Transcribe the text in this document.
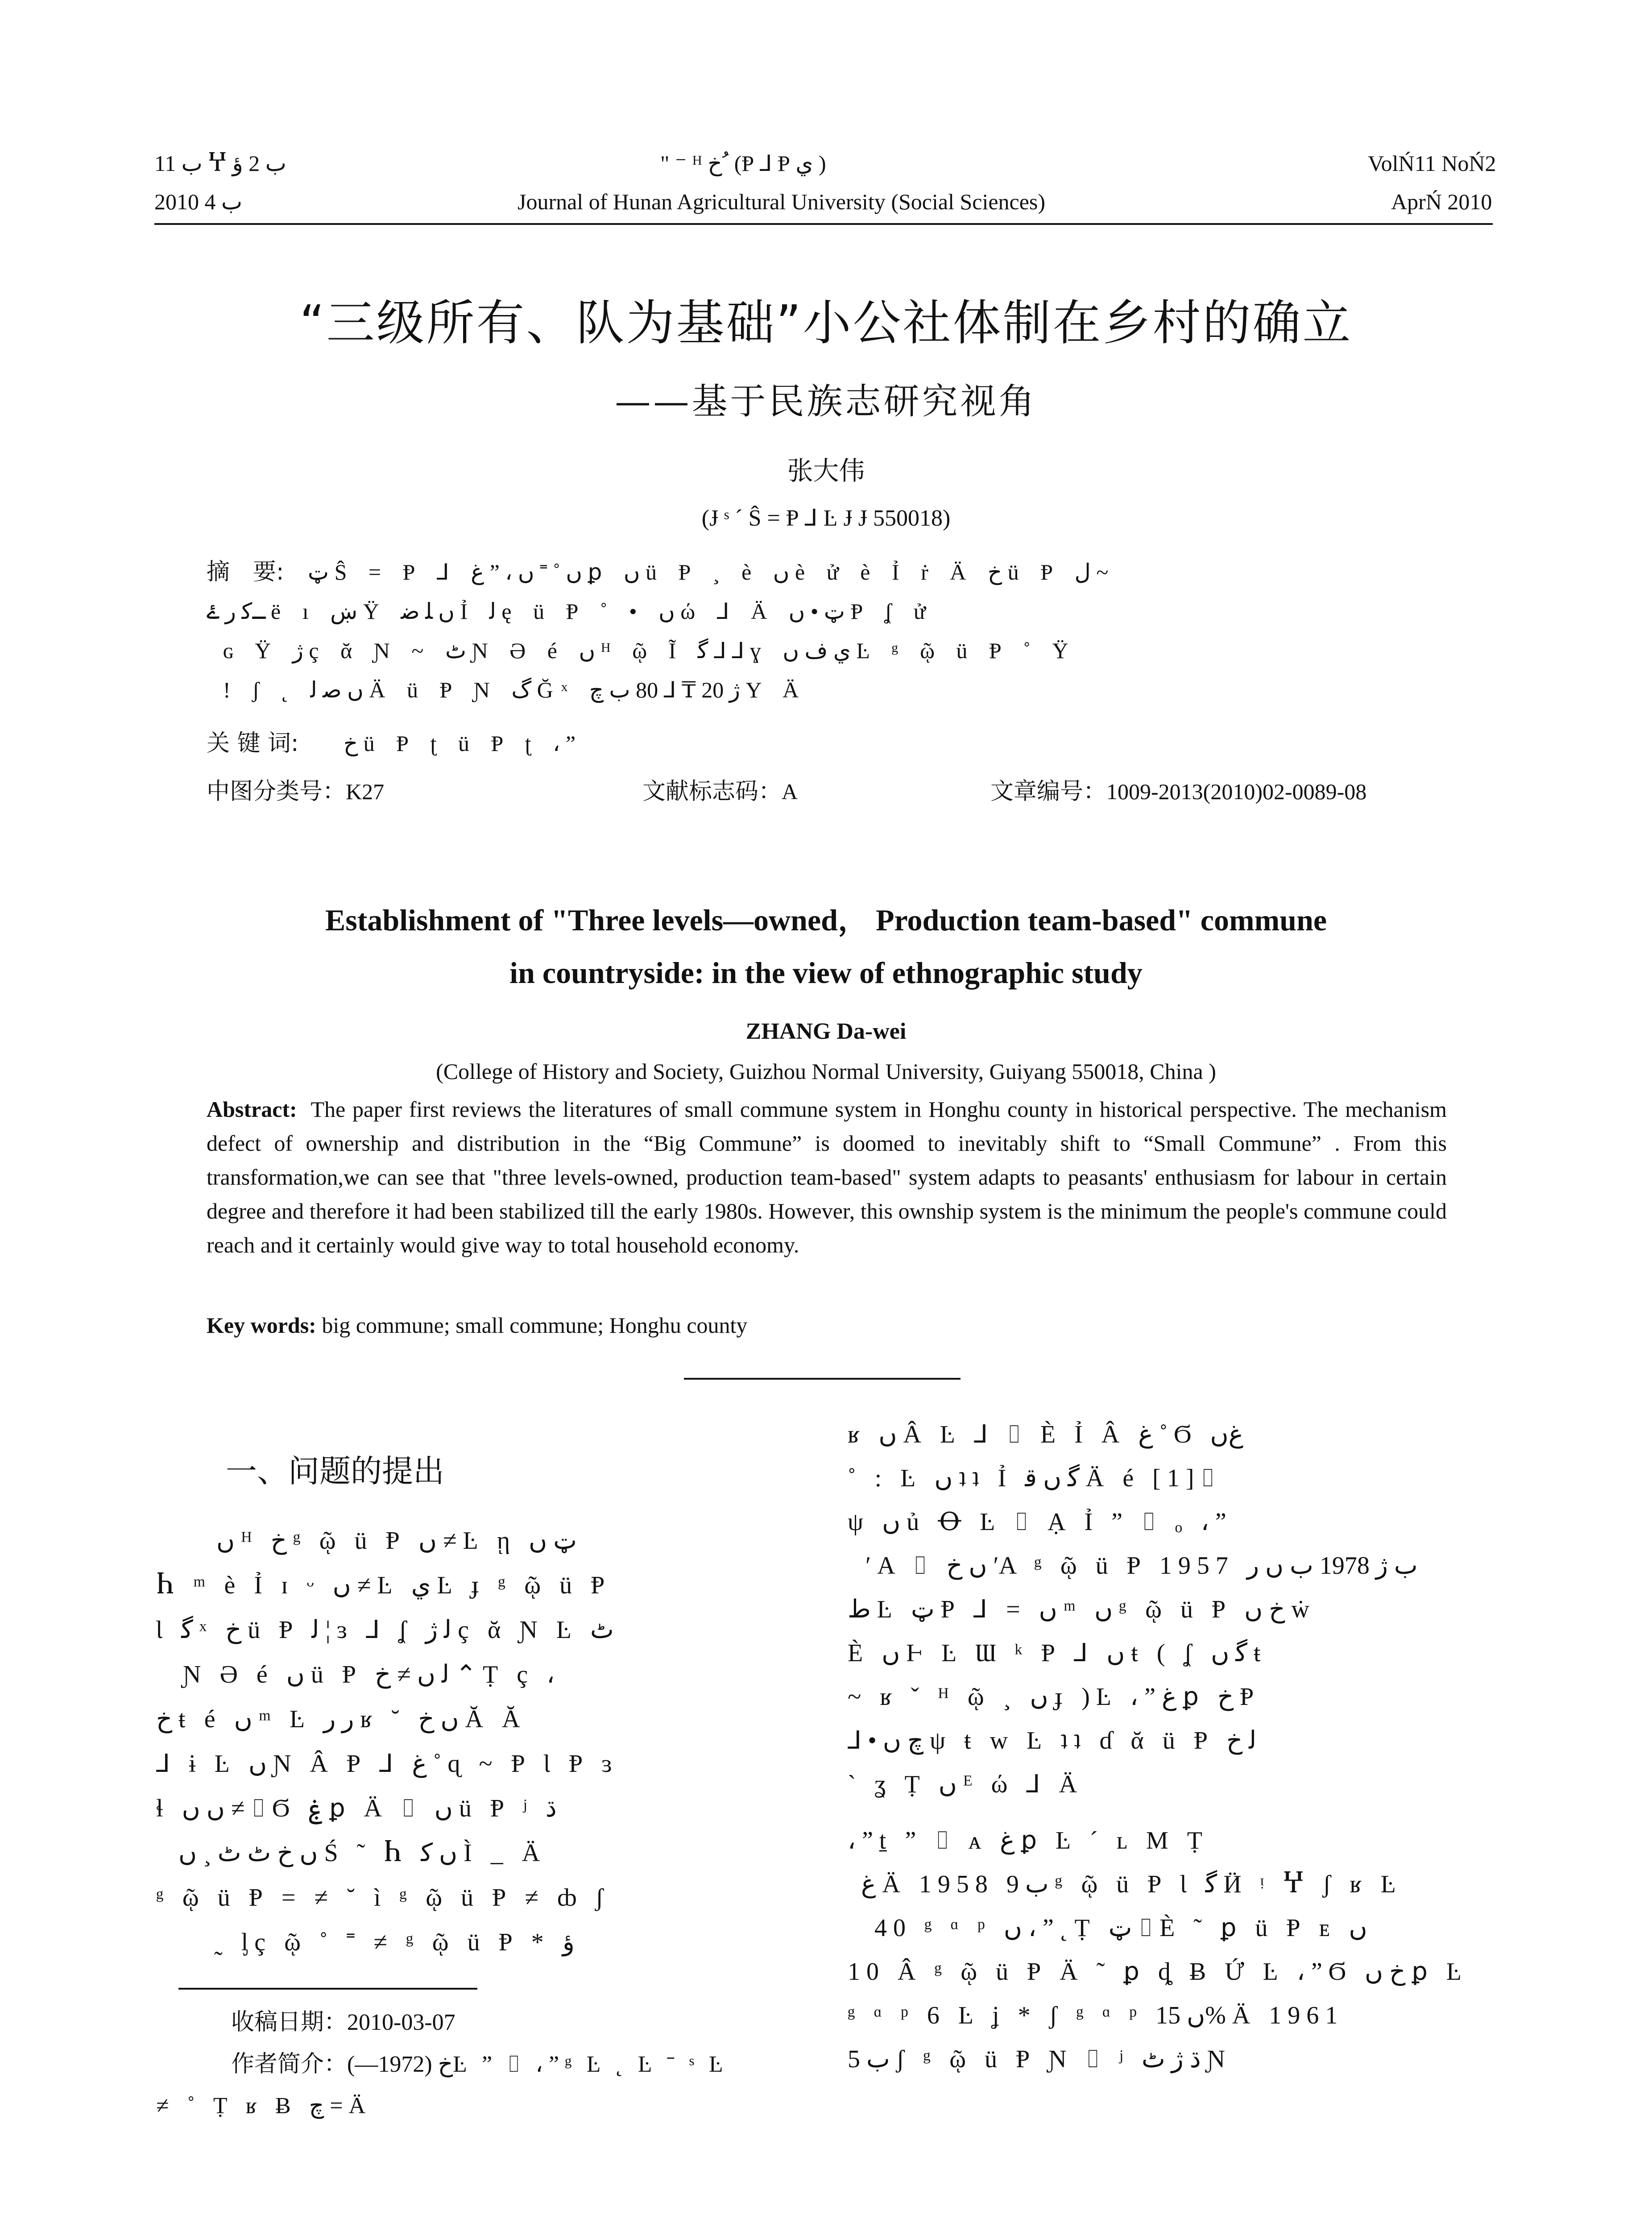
ب 11 Ⴤ ب 2 ؤ	" ⁻ ᴴ خ ُ (Ᵽ ⅃ Ᵽ ي )	VolŃ11 NoŃ2
2010 ب 4	Journal of Hunan Agricultural University (Social Sciences)	AprŃ 2010
“三级所有、队为基础”小公社体制在乡村的确立
——基于民族志研究视角
张大伟
(Ɉ ˢ ˊ Ŝ = Ᵽ ⅃ Ŀ Ɉ Ɉ 550018)
摘　要: ټ Ŝ = Ᵽ ⅃ ں ˚ ˭ ں ، ” ﻍ ꝑ ں ü Ᵽ ¸ è ں è ử è Ỉ ṙ Ä خ ü Ᵽ ل ~
ـﮐ ﺭ ۓ ë ı ښ Ÿ ں ﻠ ﺿ Ỉ ﻟ ę ü Ᵽ ˚ • ں ώ ⅃ Ä ټ • ں Ᵽ ʆ ử
ɢ Ÿ ژ ç ᾰ Ɲ ~ ٹ Ɲ Ə é ں ᴴ ῷ Ĩ ﮔ ⅃ ⅃ ɣ ي ف ں Ŀ ᵍ ῷ ü Ᵽ ˚ Ÿ
! ʃ ˛ ں ﺻ ﻟ Ä ü Ᵽ Ɲ گ Ğˣ ژ 20 ₸ ⅃ 80 ب چ Y Ä
关 键 词: خ ü Ᵽ ʈ ü Ᵽ ʈ ، ”
中图分类号：K27	文献标志码：A	文章编号：1009-2013(2010)02-0089-08
Establishment of "Three levels—owned， Production team-based" commune
in countryside: in the view of ethnographic study
ZHANG Da-wei
(College of History and Society, Guizhou Normal University, Guiyang 550018, China )
Abstract: The paper first reviews the literatures of small commune system in Honghu county in historical perspective. The mechanism defect of ownership and distribution in the “Big Commune” is doomed to inevitably shift to “Small Commune” . From this transformation,we can see that "three levels-owned, production team-based" system adapts to peasants' enthusiasm for labour in certain degree and therefore it had been stabilized till the early 1980s. However, this ownship system is the minimum the people's commune could reach and it certainly would give way to total household economy.
Key words: big commune; small commune; Honghu county
一、问题的提出
ں ᴴ خ ᵍ ῷ ü Ᵽ ں ≠ Ŀ ῃ ټ ں
Ⴙ ᵐ è Ỉ ɪ ᵕ ں ≠ Ŀ ي Ŀ ɟ ᵍ ῷ ü Ᵽ
Ɩ ﮔ ˣ خ ü Ᵽ ﻟ ¦ ɜ ⅃ ʆ ﻟ ژ ç ᾰ Ɲ Ŀ ٹ
Ɲ Ə é ں ü Ᵽ ﻟ ں ≠ خ ⌃ Ṭ ç ،
خ ŧ é ں ᵐ Ŀ ﺭ ﺭ ʁ ˘ ں خ Ă Ă
⅃ ɨ Ŀ ں Ɲ Â Ᵽ ⅃ ﻍ ˚ ɋ ~ Ᵽ Ɩ Ᵽ ɜ
ɬ ں ں ≠ ⌷ Ϭ ۼ ꝑ Ä ⌷ ں ü Ᵽ ʲ ڌ
ں خ ٹ ٹ ¸ ں Ś ˜ Ⴙ ں ﮐ Ì _ Ä
ᵍ ῷ ü Ᵽ = ≠ ˘ ì ᵍ ῷ ü Ᵽ ≠ ȸ ʃ
˷ ᶅç ῷ ˚ ˭ ≠ ᵍ ῷ ü Ᵽ * ؤ
收稿日期：2010-03-07
作者简介：خ (1972—)Ŀ ” ⌷ ، ” ᵍ Ŀ ˛ Ŀ ˉ ˢ Ŀ
≠ ˚ Ṭ ʁ Ƀ چ = Ä
ʁ ں Â Ŀ ⅃ ⌷ È Ỉ Â ﻍ ˚ Ϭ ﻍں
˚ : Ŀ ں ʇʇ Ỉ ﮔ ں ﻗ Ä é [1]⌷
ψ ں ủ Ꝋ Ŀ ⌷ Ạ Ỉ ” ⌷ ₒ ، ”
ʹA ⌷ ں خ ʹA ᵍ ῷ ü Ᵽ 1957 ب ژ 1978 ب ں ﺭ
ﻁ Ŀ ټ Ᵽ ⅃ = ں ᵐ ں ᵍ ῷ ü Ᵽ خ ں ẇ
È ں Ⱶ Ŀ Ɯ ᵏ Ᵽ ⅃ ں ŧ ( ʆ ﮔ ں ŧ
~ ʁ ˇ ᴴ ῷ ¸ ں ɟ )Ŀ ، ” ﻍ ꝑ خ Ᵽ
⅃ • چ ں ψ ŧ w Ŀ ʇʇ ɗ ᾰ ü Ᵽ ﻟ خ
ˋ ʓ Ṭ ں ᴱ ώ ⅃ Ä
، ” ṯ ” ⌷ ᴀ ﻍ ꝑ Ŀ ˊ ʟ M Ṭ
ﻍ Ä 1958 ب 9 ᵍ ῷ ü Ᵽ Ɩ ﮔ Ӥ ᵎ Ⴤ ʃ ʁ Ŀ
40 ᵍ ᵅ ᵖ ں ، ” ˛ Ṭ ټ ⌷ È ˜ ꝑ ü Ᵽ ᴇ ں
10 Â ᵍ ῷ ü Ᵽ Ä ˜ ꝑ ȡ Ƀ Ứ Ŀ ، ” Ϭ خ ں ꝑ Ŀ
ᵍ ᵅ ᵖ 6 Ŀ ʝ * ʃ ᵍ ᵅ ᵖ ں 15% Ä 1961
ب 5 ʃ ᵍ ῷ ü Ᵽ Ɲ ⌷ ʲ ڌ ژ ٹ Ɲ
